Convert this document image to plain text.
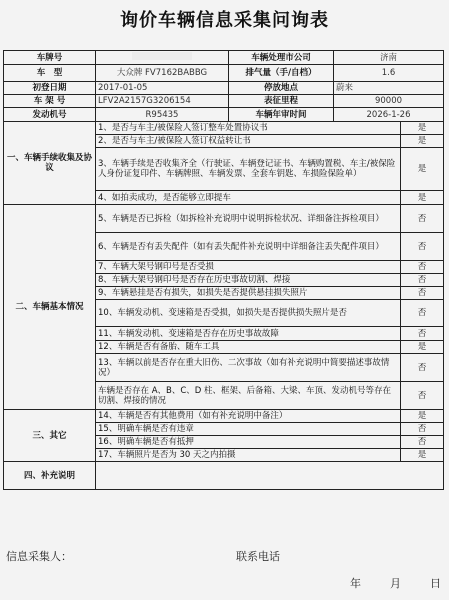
询价车辆信息采集问询表
车牌号		车辆处理市公司	济南	
车　型	大众牌 FV7162BABBG	排气量（手/自档）	1.6	
初登日期	2017-01-05	停放地点	蔚来	
车 架 号	LFV2A2157G3206154	表征里程	90000	
发动机号	R95435	车辆年审时间	2026-1-26	
一、车辆手续收集及协议	1、是否与车主/被保险人签订整车处置协议书			是
	2、是否与车主/被保险人签订权益转让书			是
	3、车辆手续是否收集齐全（行驶证、车辆登记证书、车辆购置税、车主/被保险人身份证复印件、车辆牌照、车辆发票、全套车钥匙、车损险保险单）			是
	4、如拍卖成功，是否能够立即提车			是
二、车辆基本情况	5、车辆是否已拆检（如拆检补充说明中说明拆检状况、详细备注拆检项目）			否
	6、车辆是否有丢失配件（如有丢失配件补充说明中详细备注丢失配件项目）			否
	7、车辆大架号钢印号是否受损			否
	8、车辆大架号钢印号是否存在历史事故切割、焊接			否
	9、车辆悬挂是否有损失，如损失是否提供悬挂损失照片			否
	10、车辆发动机、变速箱是否受损，如损失是否提供损失照片是否			否
	11、车辆发动机、变速箱是否存在历史事故故障			否
	12、车辆是否有备胎、随车工具			是
	13、车辆以前是否存在重大旧伤、二次事故（如有补充说明中简要描述事故情况）			否
	车辆是否存在 A、B、C、D 柱、框架、后备箱、大梁、车顶、发动机号等存在切割、焊接的情况			否
三、其它	14、车辆是否有其他费用（如有补充说明中备注）			是
	15、明确车辆是否有违章			否
	16、明确车辆是否有抵押			否
	17、车辆照片是否为 30 天之内拍摄			是
四、补充说明				
信息采集人：	联系电话
年	月	日
